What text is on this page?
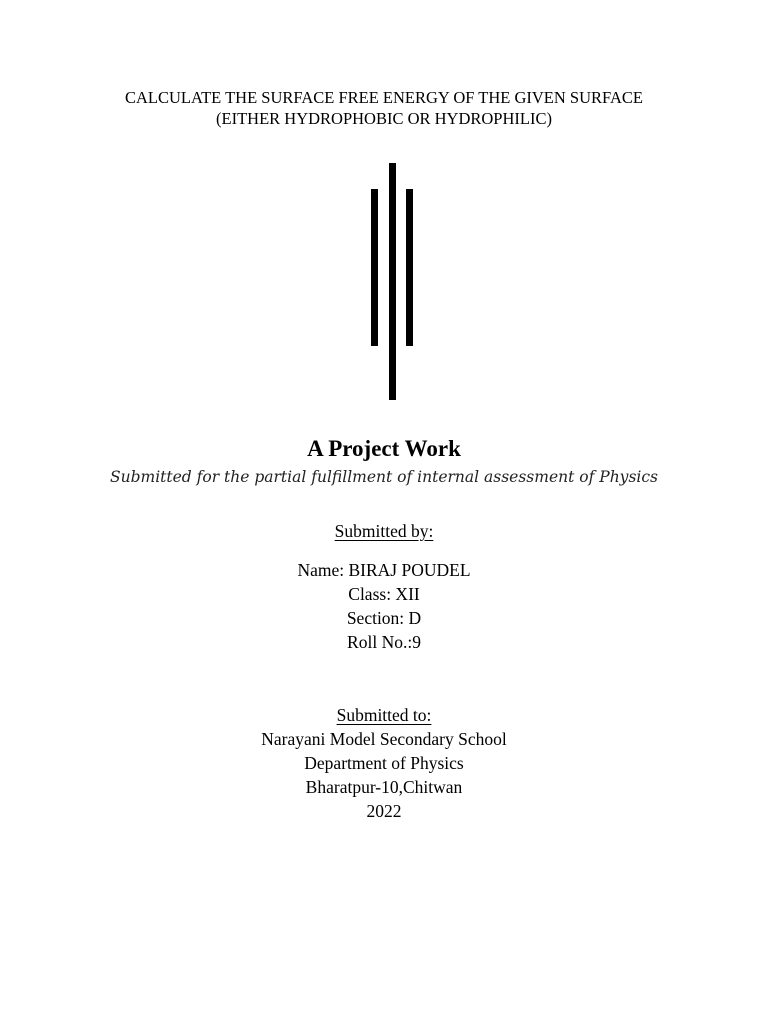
CALCULATE THE SURFACE FREE ENERGY OF THE GIVEN SURFACE
(EITHER HYDROPHOBIC OR HYDROPHILIC)
A Project Work
Submitted for the partial fulfillment of internal assessment of Physics
Submitted by:
Name: BIRAJ POUDEL
Class: XII
Section: D
Roll No.:9
Submitted to:
Narayani Model Secondary School
Department of Physics
Bharatpur-10,Chitwan
2022
